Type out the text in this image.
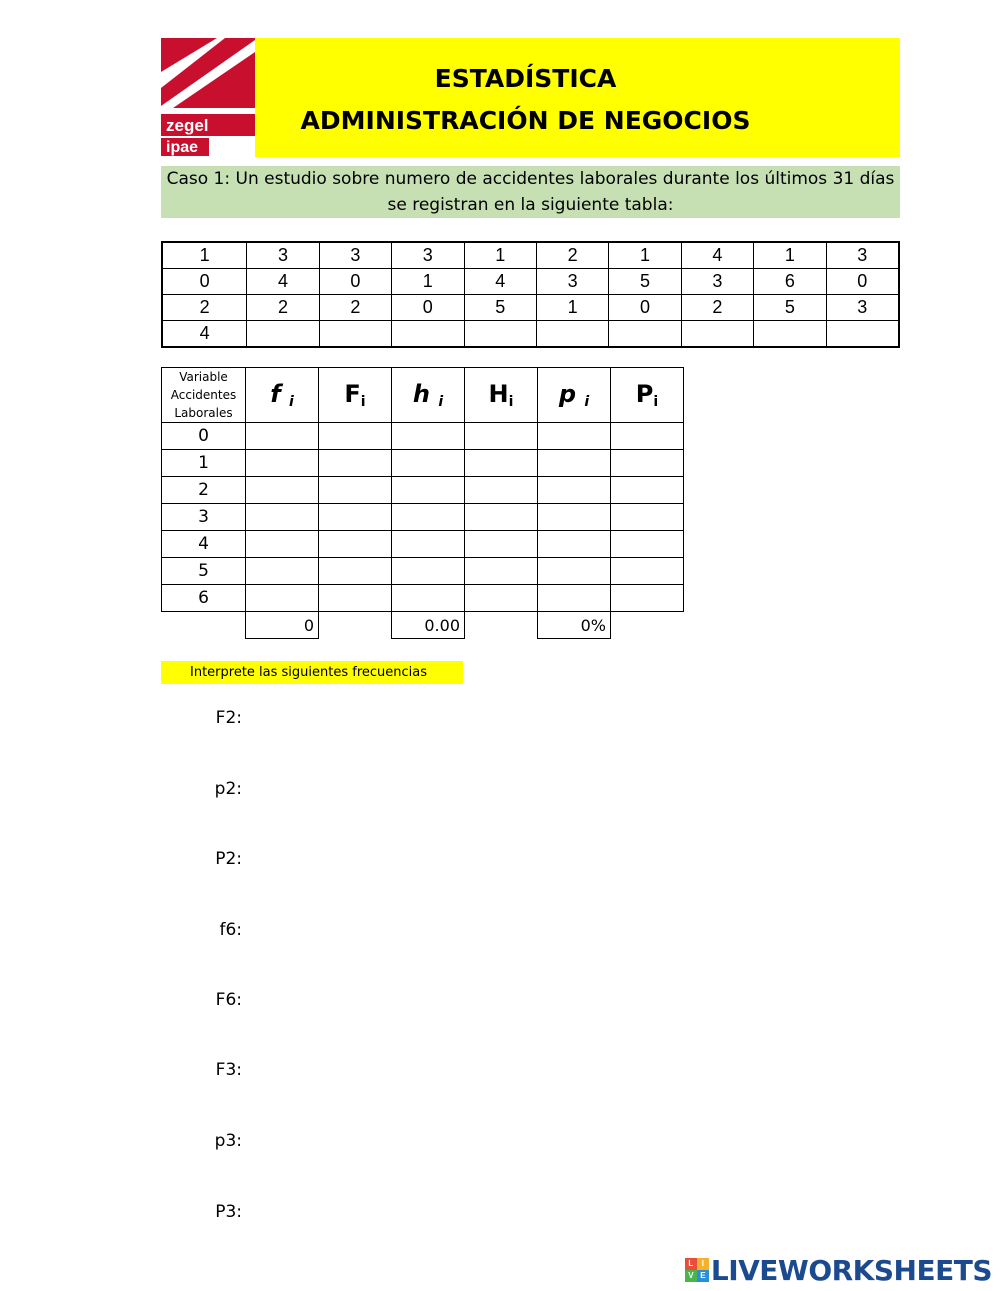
zegel
ipae
ESTADÍSTICA
ADMINISTRACIÓN DE NEGOCIOS
Caso 1: Un estudio sobre numero de accidentes laborales durante los últimos 31 días
se registran en la siguiente tabla:
1	3	3	3	1	2	1	4	1	3
0	4	0	1	4	3	5	3	6	0
2	2	2	0	5	1	0	2	5	3
4									
Variable
Accidentes
Laborales	f $_i$	$F_i$	h $_i$	$H_i$	p $_i$	$P_i$
0						
1						
2						
3						
4						
5						
6						
	0		0.00		0%	
Interprete las siguientes frecuencias
F2:
p2:
P2:
f6:
F6:
F3:
p3:
P3:
L	I
V E LIVEWORKSHEETS
